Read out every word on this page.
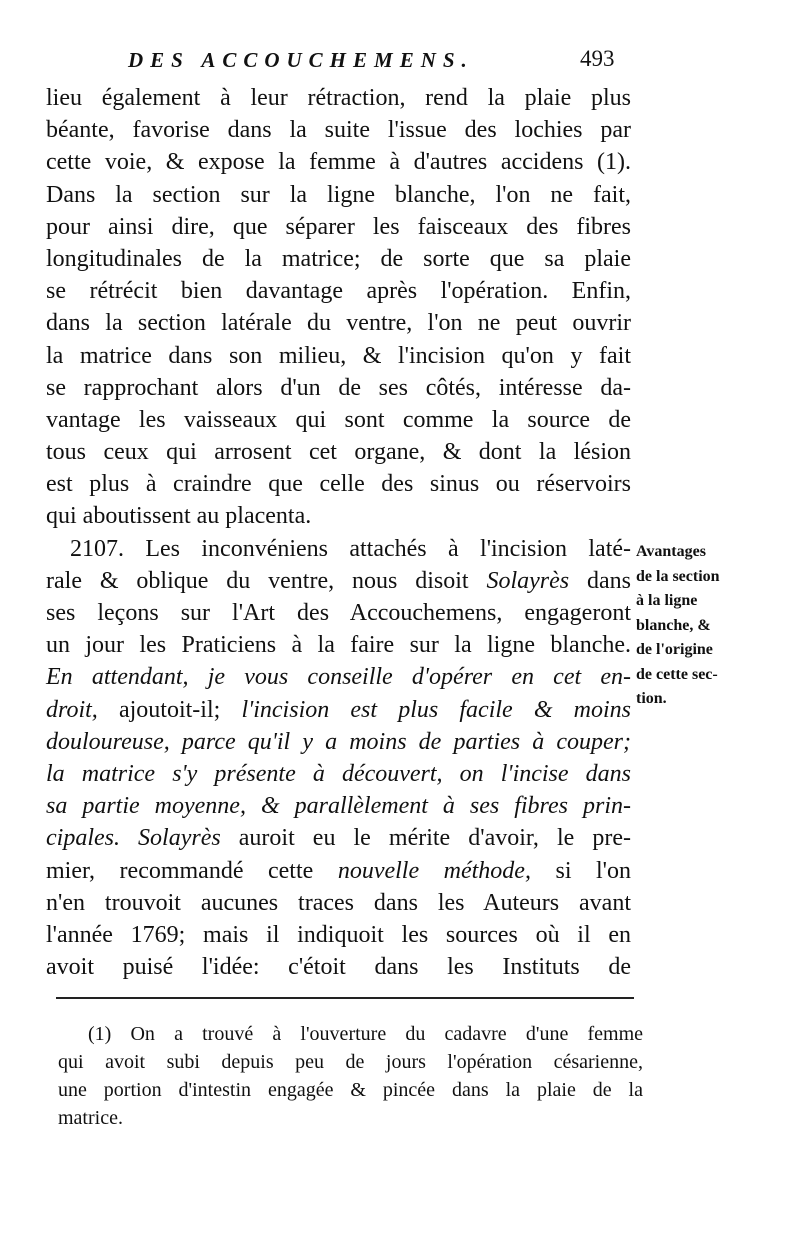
DES ACCOUCHEMENS.	493
lieu également à leur rétraction, rend la plaie plus
béante, favorise dans la suite l'issue des lochies par
cette voie, & expose la femme à d'autres accidens (1).
Dans la section sur la ligne blanche, l'on ne fait,
pour ainsi dire, que séparer les faisceaux des fibres
longitudinales de la matrice; de sorte que sa plaie
se rétrécit bien davantage après l'opération. Enfin,
dans la section latérale du ventre, l'on ne peut ouvrir
la matrice dans son milieu, & l'incision qu'on y fait
se rapprochant alors d'un de ses côtés, intéresse da-
vantage les vaisseaux qui sont comme la source de
tous ceux qui arrosent cet organe, & dont la lésion
est plus à craindre que celle des sinus ou réservoirs
qui aboutissent au placenta.
2107. Les inconvéniens attachés à l'incision laté-
rale & oblique du ventre, nous disoit Solayrès dans
ses leçons sur l'Art des Accouchemens, engageront
un jour les Praticiens à la faire sur la ligne blanche.
En attendant, je vous conseille d'opérer en cet en-
droit, ajoutoit-il; l'incision est plus facile & moins
douloureuse, parce qu'il y a moins de parties à couper;
la matrice s'y présente à découvert, on l'incise dans
sa partie moyenne, & parallèlement à ses fibres prin-
cipales. Solayrès auroit eu le mérite d'avoir, le pre-
mier, recommandé cette nouvelle méthode, si l'on
n'en trouvoit aucunes traces dans les Auteurs avant
l'année 1769; mais il indiquoit les sources où il en
avoit puisé l'idée: c'étoit dans les Instituts de
Avantages
de la section
à la ligne
blanche, &
de l'origine
de cette sec-
tion.
(1) On a trouvé à l'ouverture du cadavre d'une femme
qui avoit subi depuis peu de jours l'opération césarienne,
une portion d'intestin engagée & pincée dans la plaie de la
matrice.
